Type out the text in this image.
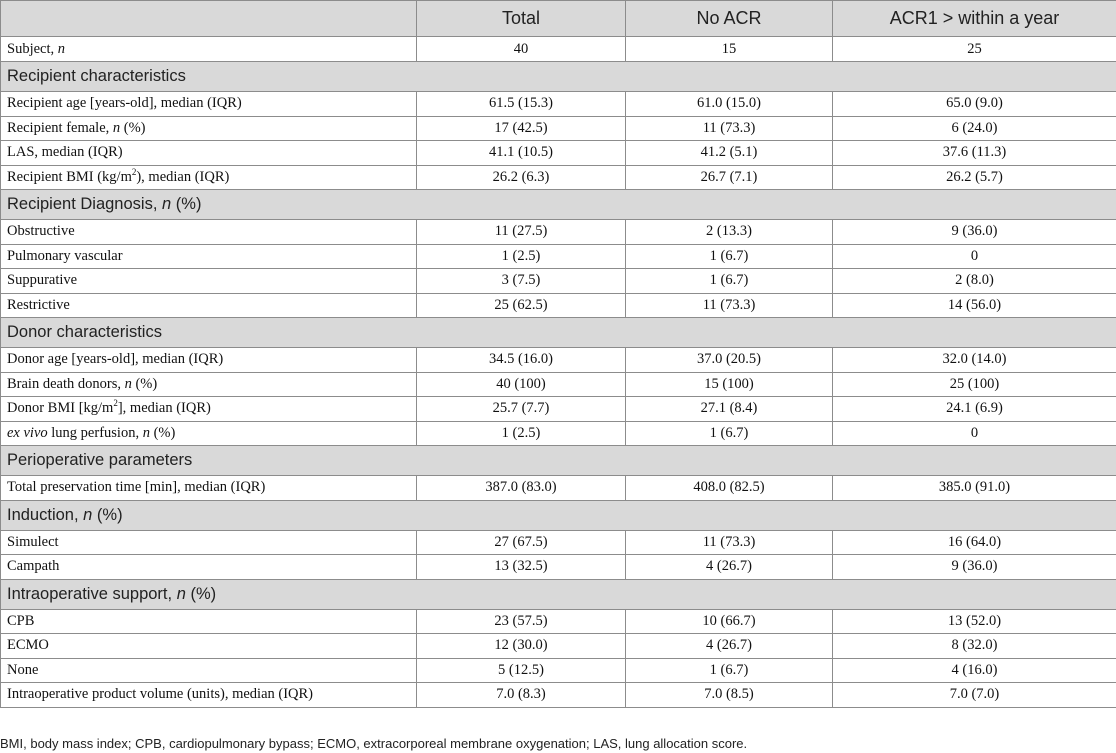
	Total	No ACR	ACR1 > within a year
Subject, n	40	15	25
Recipient characteristics			
Recipient age [years-old], median (IQR)	61.5 (15.3)	61.0 (15.0)	65.0 (9.0)
Recipient female, n (%)	17 (42.5)	11 (73.3)	6 (24.0)
LAS, median (IQR)	41.1 (10.5)	41.2 (5.1)	37.6 (11.3)
Recipient BMI $(kg/m^2)$, median (IQR)	26.2 (6.3)	26.7 (7.1)	26.2 (5.7)
Recipient Diagnosis, n (%)			
Obstructive	11 (27.5)	2 (13.3)	9 (36.0)
Pulmonary vascular	1 (2.5)	1 (6.7)	0
Suppurative	3 (7.5)	1 (6.7)	2 (8.0)
Restrictive	25 (62.5)	11 (73.3)	14 (56.0)
Donor characteristics			
Donor age [years-old], median (IQR)	34.5 (16.0)	37.0 (20.5)	32.0 (14.0)
Brain death donors, n (%)	40 (100)	15 (100)	25 (100)
Donor BMI $[kg/m^2]$, median (IQR)	25.7 (7.7)	27.1 (8.4)	24.1 (6.9)
ex vivo lung perfusion, n (%)	1 (2.5)	1 (6.7)	0
Perioperative parameters			
Total preservation time [min], median (IQR)	387.0 (83.0)	408.0 (82.5)	385.0 (91.0)
Induction, n (%)			
Simulect	27 (67.5)	11 (73.3)	16 (64.0)
Campath	13 (32.5)	4 (26.7)	9 (36.0)
Intraoperative support, n (%)			
CPB	23 (57.5)	10 (66.7)	13 (52.0)
ECMO	12 (30.0)	4 (26.7)	8 (32.0)
None	5 (12.5)	1 (6.7)	4 (16.0)
Intraoperative product volume (units), median (IQR)	7.0 (8.3)	7.0 (8.5)	7.0 (7.0)
BMI, body mass index; CPB, cardiopulmonary bypass; ECMO, extracorporeal membrane oxygenation; LAS, lung allocation score.
